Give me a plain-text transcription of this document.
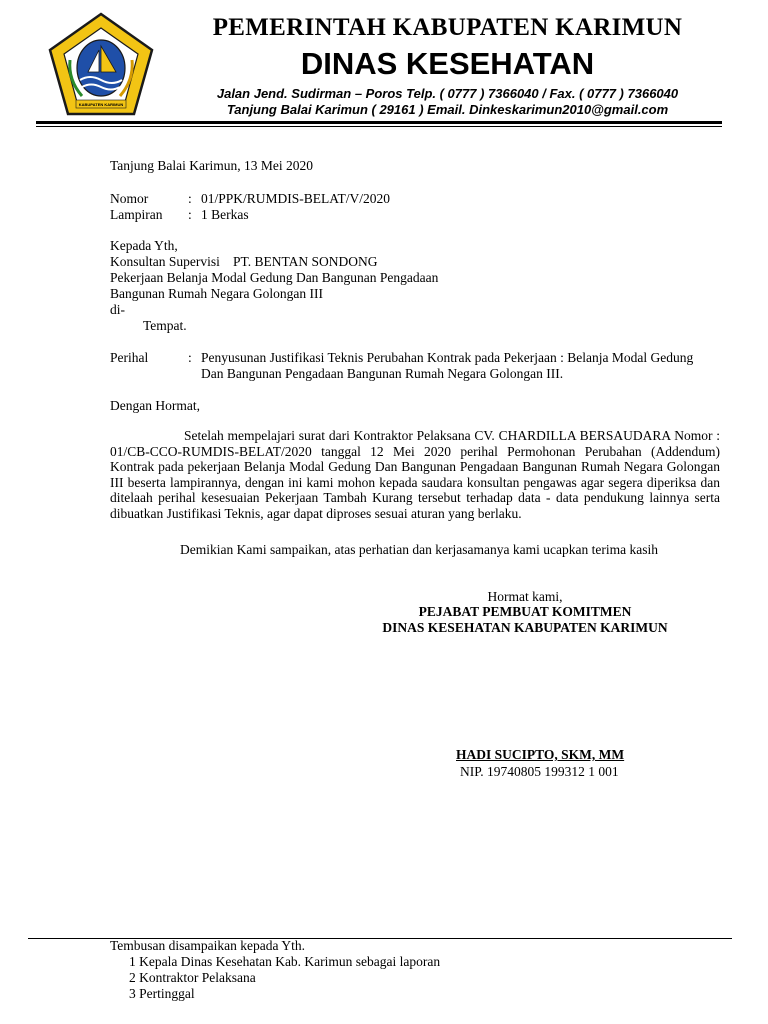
KABUPATEN KARIMUN
PEMERINTAH KABUPATEN KARIMUN
DINAS KESEHATAN
Jalan Jend. Sudirman – Poros Telp. ( 0777 ) 7366040 / Fax. ( 0777 ) 7366040
Tanjung Balai Karimun ( 29161 ) Email. Dinkeskarimun2010@gmail.com
Tanjung Balai Karimun, 13 Mei 2020
Nomor	: 01/PPK/RUMDIS-BELAT/V/2020
Lampiran : 1 Berkas
Kepada Yth,
Konsultan Supervisi PT. BENTAN SONDONG
Pekerjaan Belanja Modal Gedung Dan Bangunan Pengadaan
Bangunan Rumah Negara Golongan III
di-
Tempat.
Perihal	: Penyusunan Justifikasi Teknis Perubahan Kontrak pada Pekerjaan : Belanja Modal Gedung
Dan Bangunan Pengadaan Bangunan Rumah Negara Golongan III.
Dengan Hormat,

Setelah mempelajari surat dari Kontraktor Pelaksana CV. CHARDILLA BERSAUDARA Nomor : 01/CB-CCO-RUMDIS-BELAT/2020 tanggal 12 Mei 2020 perihal Permohonan Perubahan (Addendum) Kontrak pada pekerjaan Belanja Modal Gedung Dan Bangunan Pengadaan Bangunan Rumah Negara Golongan III beserta lampirannya, dengan ini kami mohon kepada saudara konsultan pengawas agar segera diperiksa dan ditelaah perihal kesesuaian Pekerjaan Tambah Kurang tersebut terhadap data - data pendukung lainnya serta dibuatkan Justifikasi Teknis, agar dapat diproses sesuai aturan yang berlaku.

Demikian Kami sampaikan, atas perhatian dan kerjasamanya kami ucapkan terima kasih
Hormat kami,
PEJABAT PEMBUAT KOMITMEN
DINAS KESEHATAN KABUPATEN KARIMUN
HADI SUCIPTO, SKM, MM
NIP. 19740805 199312 1 001
Tembusan disampaikan kepada Yth.
1 Kepala Dinas Kesehatan Kab. Karimun sebagai laporan
2 Kontraktor Pelaksana
3 Pertinggal
